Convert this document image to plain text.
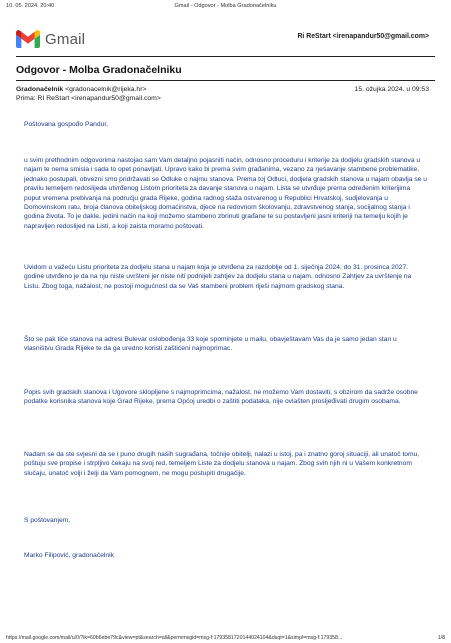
10. 05. 2024. 20:40	Gmail - Odgovor - Molba Gradonačelniku
Gmail	Ri ReStart <irenapandur50@gmail.com>
Odgovor - Molba Gradonačelniku
Gradonačelnik <gradonacelnik@rijeka.hr>	15. ožujka 2024. u 09:53
Prima: RI ReStart <irenapandur50@gmail.com>

Poštovana gospođo Pandur,

u svim prethodnim odgovorima nastojao sam Vam detaljno pojasniti način, odnosno proceduru i kriterije za dodjelu gradskih stanova u najam te nema smisla i sada to opet ponavljati. Upravo kako bi prema svim građanima, vezano za rješavanje stambene problematike, jednako postupali, obvezni smo pridržavati se Odluke o najmu stanova. Prema toj Odluci, dodjela gradskih stanova u najam obavlja se u pravilu temeljem redoslijeda utvrđenog Listom prioriteta za davanje stanova u najam. Lista se utvrđuje prema određenim kriterijima poput vremena prebivanja na području grada Rijeke, godina radnog staža ostvarenog u Republici Hrvatskoj, sudjelovanja u Domovinskom ratu, broja članova obiteljskog domaćinstva, djece na redovnom školovanju, zdravstvenog stanja, socijalnog stanja i godina života. To je dakle, jedini način na koji možemo stambeno zbrinuti građane te su postavljeni jasni kriteriji na temelju kojih je napravljen redoslijed na Listi, a koji zaista moramo poštovati.

Uvidom u važeću Listu prioriteta za dodjelu stana u najam koja je utvrđena za razdoblje od 1. siječnja 2024. do 31. prosinca 2027. godine utvrđeno je da na nju niste uvršteni jer niste niti podnijeli zahtjev za dodjelu stana u najam, odnosno Zahtjev za uvrštenje na Listu. Zbog toga, nažalost, ne postoji mogućnost da se Vaš stambeni problem riješi najmom gradskog stana.

Što se pak tiče stanova na adresi Bulevar oslobođenja 33 koje spominjete u mailu, obavještavam Vas da je samo jedan stan u vlasništvu Grada Rijeke te da ga uredno koristi zaštićeni najmoprimac.

Popis svih gradskih stanova i Ugovore sklopljene s najmoprimcima, nažalost, ne možemo Vam dostaviti, s obzirom da sadrže osobne podatke korisnika stanova koje Grad Rijeke, prema Općoj uredbi o zaštiti podataka, nije ovlašten prosljeđivati drugim osobama.

Nadam se da ste svjesni da se i puno drugih naših sugrađana, točnije obitelji, nalazi u istoj, pa i znatno goroj situaciji, ali unatoč tomu, poštuju sve propise i strpljivo čekaju na svoj red, temeljem Liste za dodjelu stanova u najam. Zbog svih njih ni u Vašem konkretnom slučaju, unatoč volji i želji da Vam pomognem, ne mogu postupiti drugačije.

S poštovanjem,

Marko Filipović, gradonačelnik

https://mail.google.com/mail/u/0/?ik=60b6ebe79c&view=pt&search=all&permmsgid=msg-f:1793581720144024104&dsqt=1&simpl=msg-f:179358...	1/8
